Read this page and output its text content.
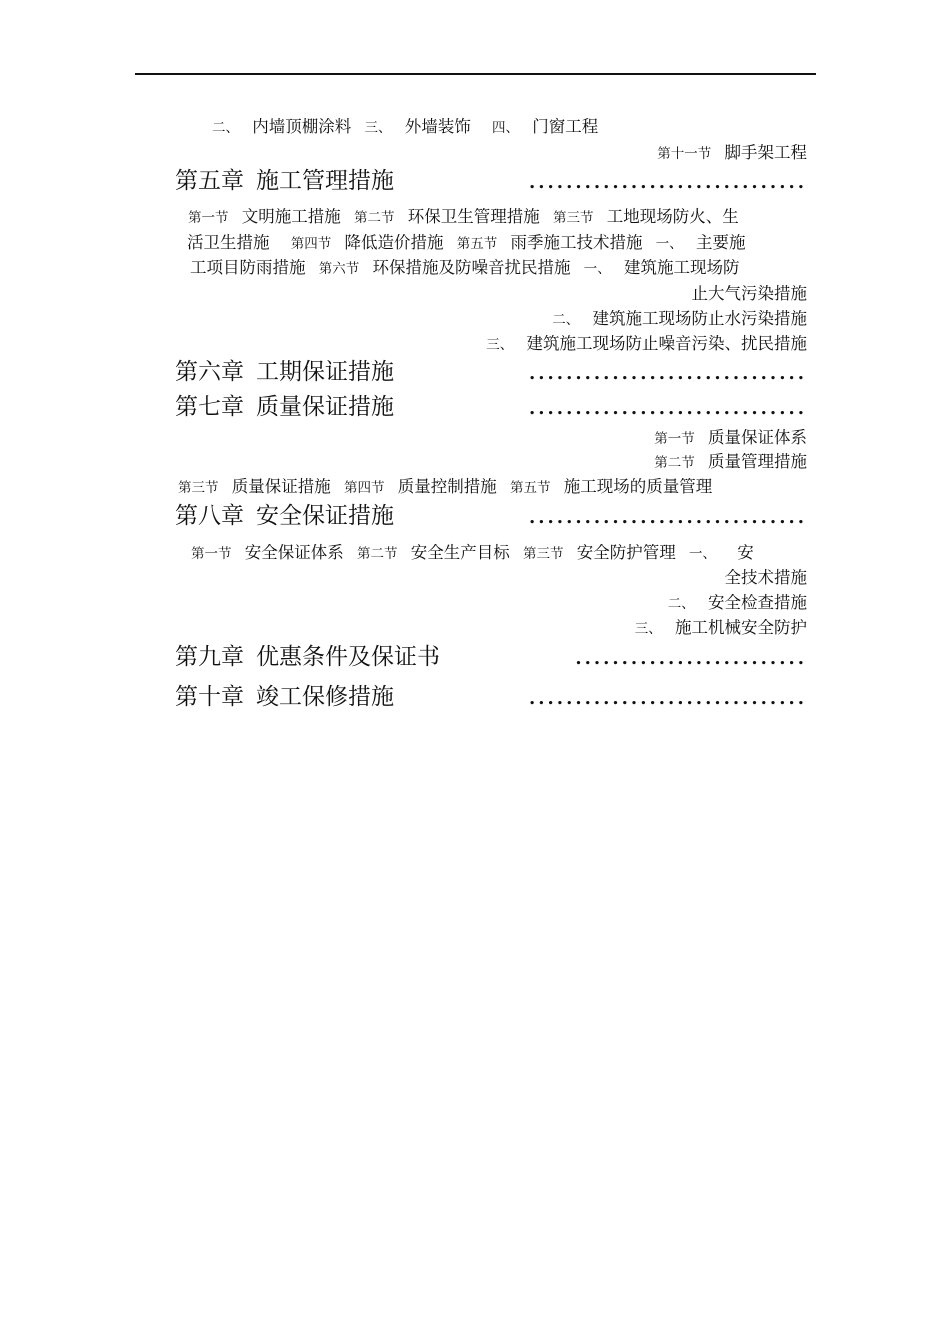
二、 内墙顶棚涂料 三、 外墙装饰 四、 门窗工程
第十一节 脚手架工程
第五章 施工管理措施	..............................
第一节 文明施工措施 第二节 环保卫生管理措施 第三节 工地现场防火、生
活卫生措施 第四节 降低造价措施 第五节 雨季施工技术措施 一、 主要施
工项目防雨措施 第六节 环保措施及防噪音扰民措施 一、 建筑施工现场防
止大气污染措施
二、 建筑施工现场防止水污染措施
三、 建筑施工现场防止噪音污染、扰民措施
第六章 工期保证措施	..............................
第七章 质量保证措施	..............................
第一节 质量保证体系
第二节 质量管理措施
第三节 质量保证措施 第四节 质量控制措施 第五节 施工现场的质量管理
第八章 安全保证措施	..............................
第一节 安全保证体系 第二节 安全生产目标 第三节 安全防护管理 一、 安
全技术措施
二、 安全检查措施
三、 施工机械安全防护
第九章 优惠条件及保证书	.........................
第十章 竣工保修措施	..............................
